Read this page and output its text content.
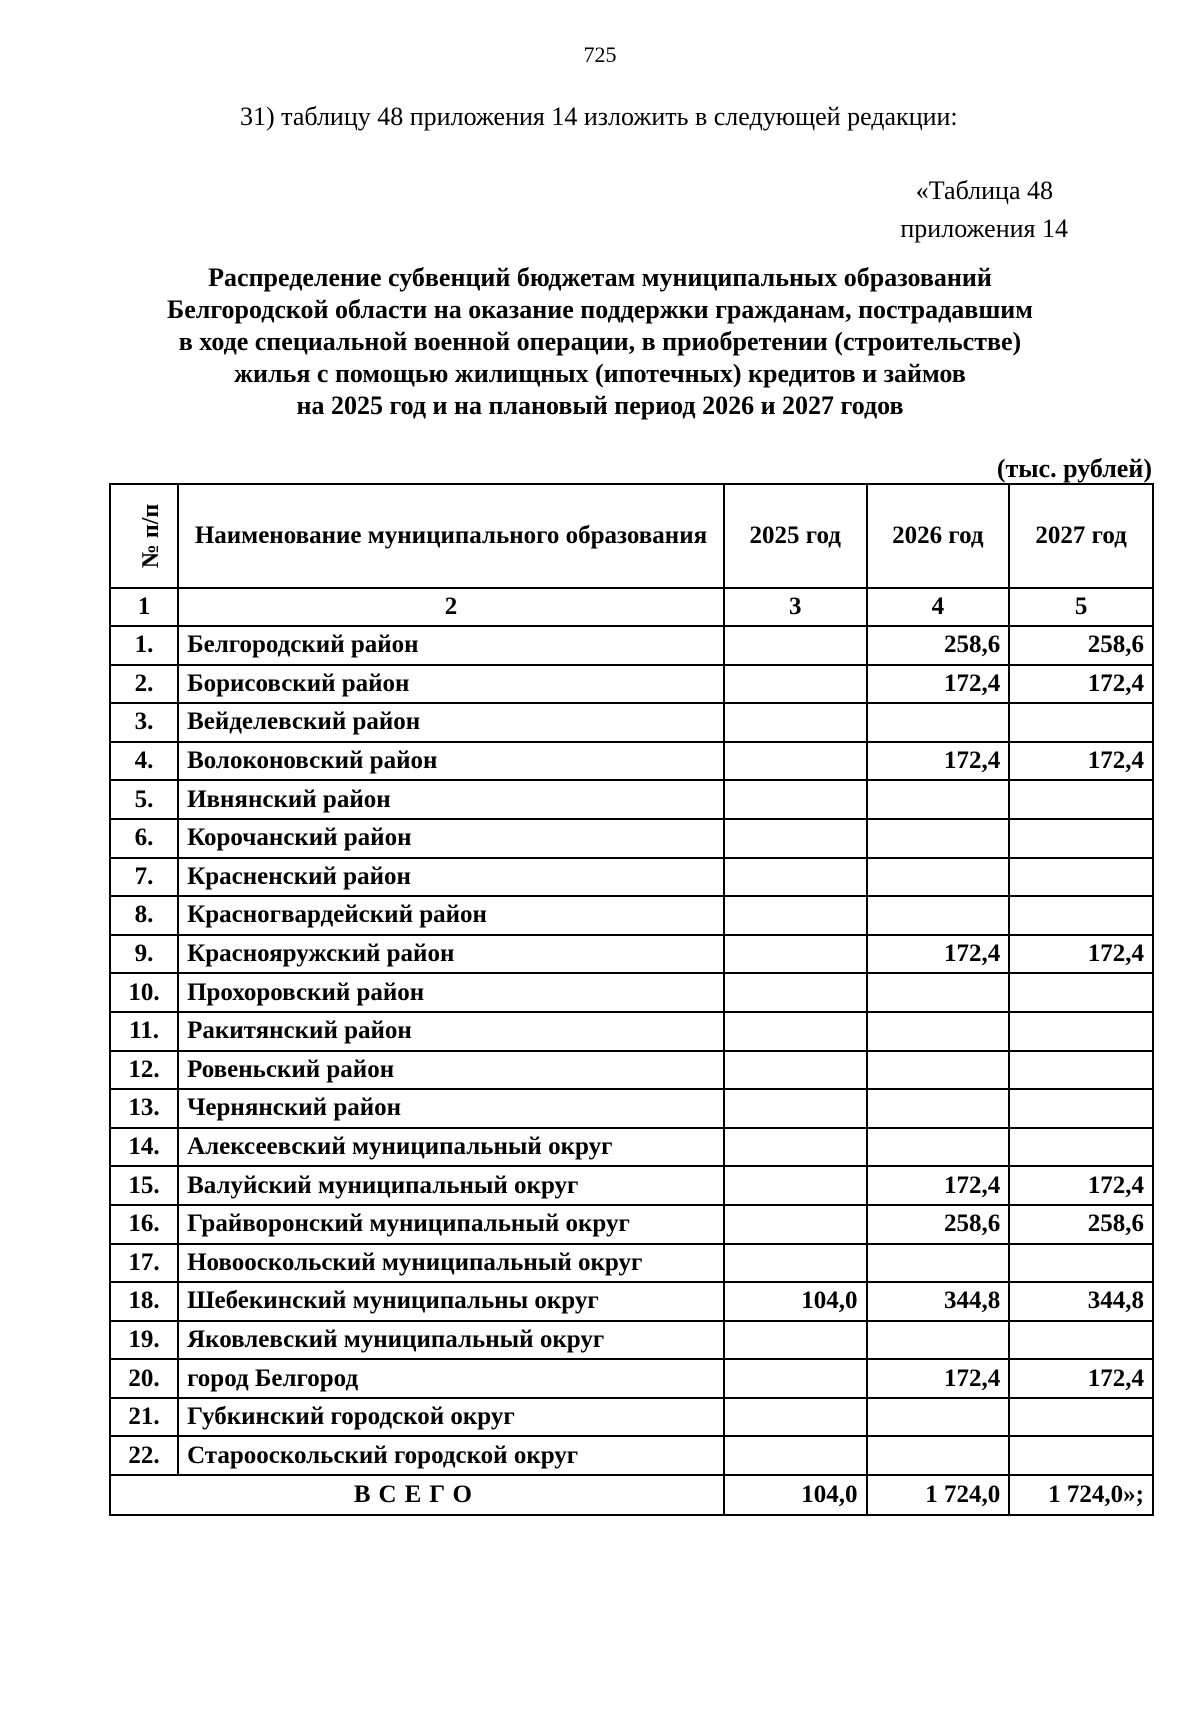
725
31) таблицу 48 приложения 14 изложить в следующей редакции:
«Таблица 48
приложения 14
Распределение субвенций бюджетам муниципальных образований
Белгородской области на оказание поддержки гражданам, пострадавшим
в ходе специальной военной операции, в приобретении (строительстве)
жилья с помощью жилищных (ипотечных) кредитов и займов
на 2025 год и на плановый период 2026 и 2027 годов
(тыс. рублей)
№ п/п	Наименование муниципального образования	2025 год	2026 год	2027 год
1	2	3	4	5
1.	Белгородский район		258,6	258,6
2.	Борисовский район		172,4	172,4
3.	Вейделевский район			
4.	Волоконовский район		172,4	172,4
5.	Ивнянский район			
6.	Корочанский район			
7.	Красненский район			
8.	Красногвардейский район			
9.	Краснояружский район		172,4	172,4
10.	Прохоровский район			
11.	Ракитянский район			
12.	Ровеньский район			
13.	Чернянский район			
14.	Алексеевский муниципальный округ			
15.	Валуйский муниципальный округ		172,4	172,4
16.	Грайворонский муниципальный округ		258,6	258,6
17.	Новооскольский муниципальный округ			
18.	Шебекинский муниципальны округ	104,0	344,8	344,8
19.	Яковлевский муниципальный округ			
20.	город Белгород		172,4	172,4
21.	Губкинский городской округ			
22.	Старооскольский городской округ			
ВСЕГО		104,0	1 724,0	1 724,0»;
